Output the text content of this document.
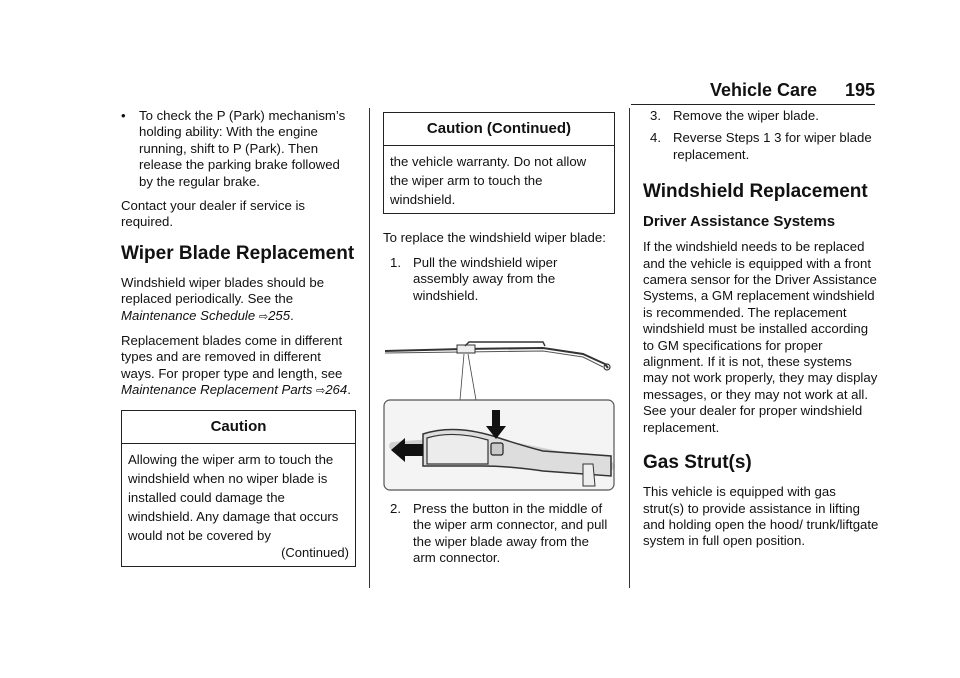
Vehicle Care 195
• To check the P (Park) mechanism’s holding ability: With the engine running, shift to P (Park). Then release the parking brake followed by the regular brake.

Contact your dealer if service is required.

Wiper Blade Replacement

Windshield wiper blades should be replaced periodically. See the Maintenance Schedule ⇨255.

Replacement blades come in different types and are removed in different ways. For proper type and length, see Maintenance Replacement Parts ⇨264.

Caution
Allowing the wiper arm to touch the windshield when no wiper blade is installed could damage the windshield. Any damage that occurs would not be covered by
(Continued)
Caution (Continued)
the vehicle warranty. Do not allow the wiper arm to touch the windshield.

To replace the windshield wiper blade:

1. Pull the windshield wiper assembly away from the windshield.
2. Press the button in the middle of the wiper arm connector, and pull the wiper blade away from the arm connector.
3. Remove the wiper blade.
4. Reverse Steps 1 3 for wiper blade replacement.
Windshield Replacement
Driver Assistance Systems

If the windshield needs to be replaced and the vehicle is equipped with a front camera sensor for the Driver Assistance Systems, a GM replacement windshield is recommended. The replacement windshield must be installed according to GM specifications for proper alignment. If it is not, these systems may not work properly, they may display messages, or they may not work at all. See your dealer for proper windshield replacement.

Gas Strut(s)

This vehicle is equipped with gas strut(s) to provide assistance in lifting and holding open the hood/ trunk/liftgate system in full open position.
